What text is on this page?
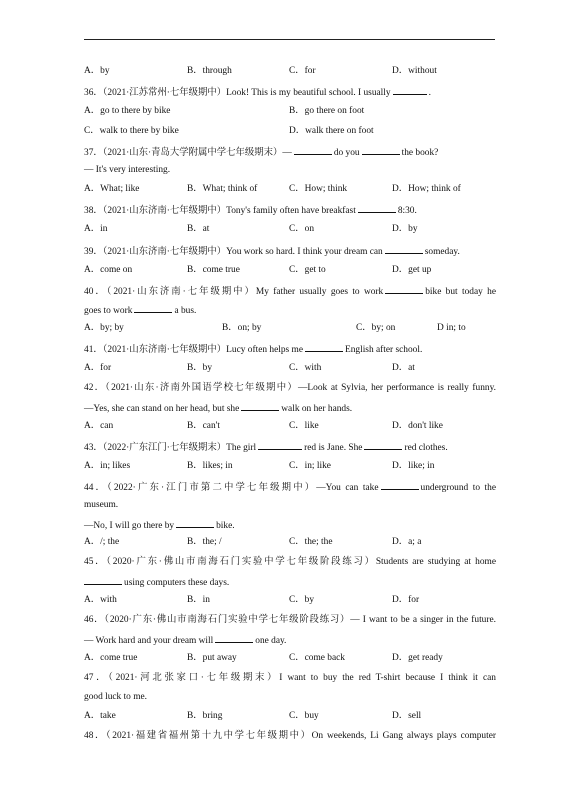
A．by	B．through	C．for	D．without
36．（2021·江苏常州·七年级期中）Look! This is my beautiful school. I usually	.
A．go to there by bike	B．go there on foot
C．walk to there by bike	D．walk there on foot
37．（2021·山东·青岛大学附属中学七年级期末）—	do you	the book?
— It's very interesting.
A．What; like	B．What; think of	C．How; think	D．How; think of
38．（2021·山东济南·七年级期中）Tony's family often have breakfast	8:30.
A．in	B．at	C．on	D．by
39．（2021·山东济南·七年级期中）You work so hard. I think your dream can	someday.
A．come on	B．come true	C．get to	D．get up
40．（2021·山东济南·七年级期中）My father usually goes to work	bike but today he
goes to work	a bus.
A．by; by	B．on; by	C．by; on	D in; to
41．（2021·山东济南·七年级期中）Lucy often helps me	English after school.
A．for	B．by	C．with	D．at
42．（2021·山东·济南外国语学校七年级期中）—Look at Sylvia, her performance is really funny.
—Yes, she can stand on her head, but she	walk on her hands.
A．can	B．can't	C．like	D．don't like
43．（2022·广东江门·七年级期末）The girl	red is Jane. She	red clothes.
A．in; likes	B．likes; in	C．in; like	D．like; in
44．（2022·广东·江门市第二中学七年级期中）—You can take	underground to the
museum.
—No, I will go there by	bike.
A．/; the	B．the; /	C．the; the	D．a; a
45．（2020·广东·佛山市南海石门实验中学七年级阶段练习）Students are studying at home
using computers these days.
A．with	B．in	C．by	D．for
46．（2020·广东·佛山市南海石门实验中学七年级阶段练习）— I want to be a singer in the future.
— Work hard and your dream will	one day.
A．come true	B．put away	C．come back	D．get ready
47．（2021·河北张家口·七年级期末）I want to buy the red T-shirt because I think it can
good luck to me.
A．take	B．bring	C．buy	D．sell
48．（2021·福建省福州第十九中学七年级期中）On weekends, Li Gang always plays computer
